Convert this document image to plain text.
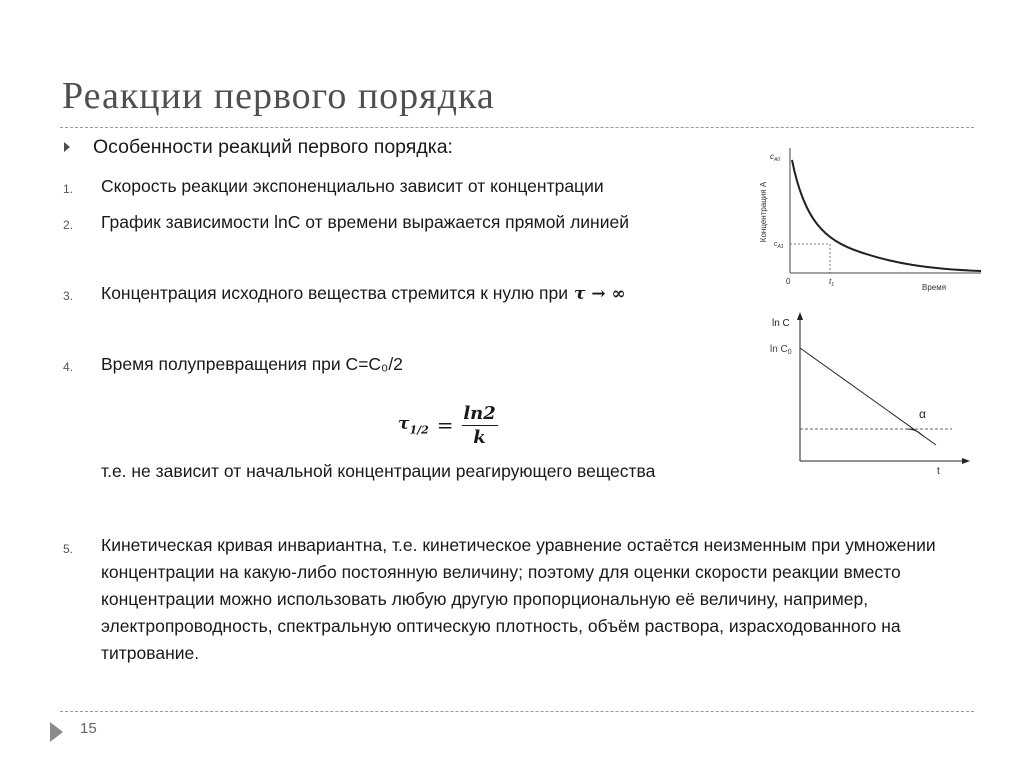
Реакции первого порядка
Особенности реакций первого порядка:
1. Скорость реакции экспоненциально зависит от концентрации
2. График зависимости lnC от времени выражается прямой линией
3. Концентрация исходного вещества стремится к нулю при τ → ∞
4. Время полупревращения при С=С₀/2
$\tau_{1/2} = \frac{\ln 2}{k}$
т.е. не зависит от начальной концентрации реагирующего вещества
5. Кинетическая кривая инвариантна, т.е. кинетическое уравнение остаётся неизменным при умножении концентрации на какую-либо постоянную величину; поэтому для оценки скорости реакции вместо концентрации можно использовать любую другую пропорциональную её величину, например, электропроводность, спектральную оптическую плотность, объём раствора, израсходованного на титрование.
Концентрация А
$c_{A0}$
$c_{A1}$
0	$t_1$	Время
ln C
$\ln C_0$
α
t
15
